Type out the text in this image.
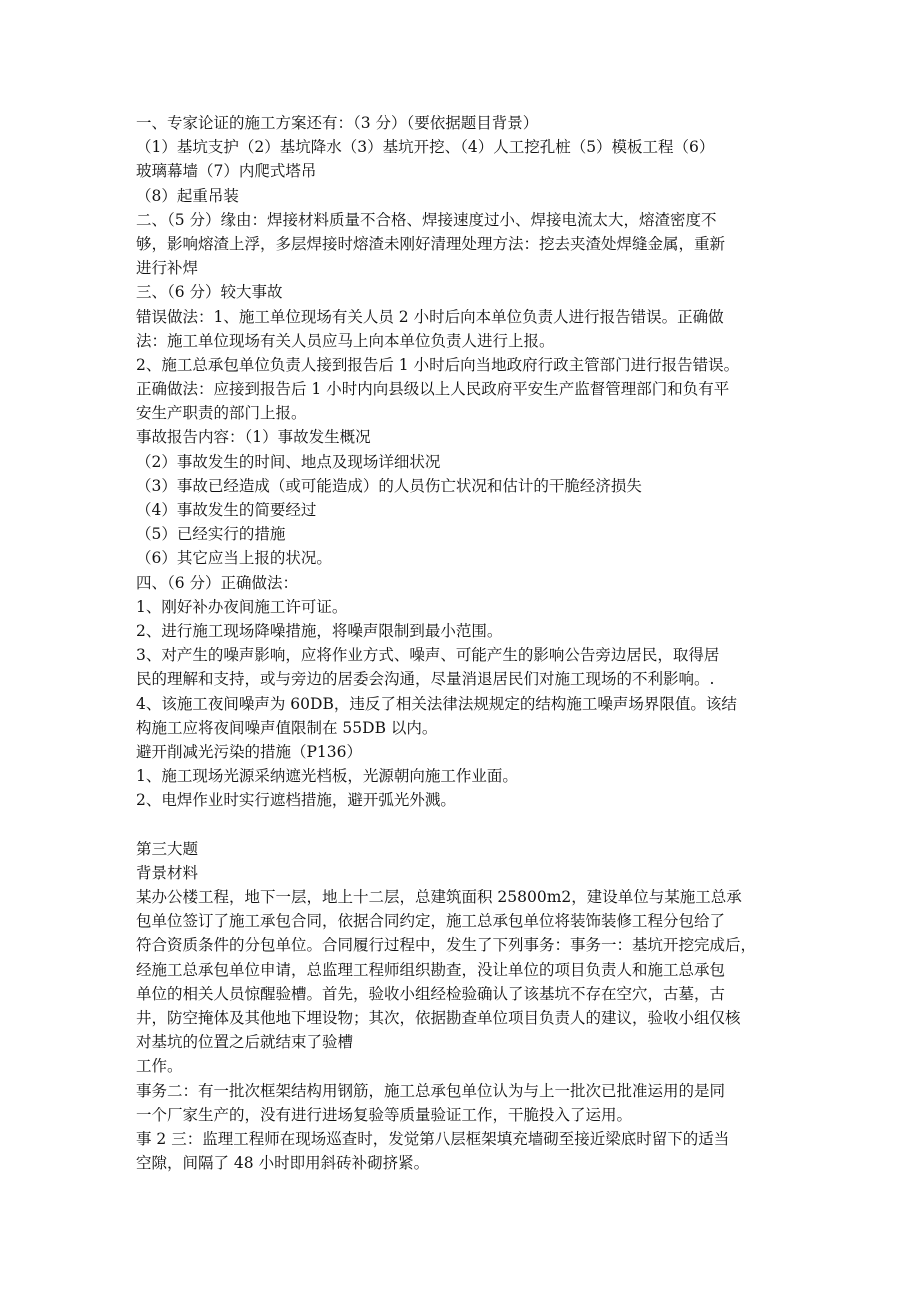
一、专家论证的施工方案还有：（3 分）（要依据题目背景）
（1）基坑支护（2）基坑降水（3）基坑开挖、（4）人工挖孔桩（5）模板工程（6）
玻璃幕墙（7）内爬式塔吊
（8）起重吊装
二、（5 分）缘由：焊接材料质量不合格、焊接速度过小、焊接电流太大，熔渣密度不
够，影响熔渣上浮，多层焊接时熔渣未刚好清理处理方法：挖去夹渣处焊缝金属，重新
进行补焊
三、（6 分）较大事故
错误做法：1、施工单位现场有关人员 2 小时后向本单位负责人进行报告错误。正确做
法：施工单位现场有关人员应马上向本单位负责人进行上报。
2、施工总承包单位负责人接到报告后 1 小时后向当地政府行政主管部门进行报告错误。
正确做法：应接到报告后 1 小时内向县级以上人民政府平安生产监督管理部门和负有平
安生产职责的部门上报。
事故报告内容：（1）事故发生概况
（2）事故发生的时间、地点及现场详细状况
（3）事故已经造成（或可能造成）的人员伤亡状况和估计的干脆经济损失
（4）事故发生的简要经过
（5）已经实行的措施
（6）其它应当上报的状况。
四、（6 分）正确做法：
1、刚好补办夜间施工许可证。
2、进行施工现场降噪措施，将噪声限制到最小范围。
3、对产生的噪声影响，应将作业方式、噪声、可能产生的影响公告旁边居民，取得居
民的理解和支持，或与旁边的居委会沟通，尽量消退居民们对施工现场的不利影响。.
4、该施工夜间噪声为 60DB，违反了相关法律法规规定的结构施工噪声场界限值。该结
构施工应将夜间噪声值限制在 55DB 以内。
避开削减光污染的措施（P136）
1、施工现场光源采纳遮光档板，光源朝向施工作业面。
2、电焊作业时实行遮档措施，避开弧光外溅。
第三大题
背景材料
某办公楼工程，地下一层，地上十二层，总建筑面积 25800m2，建设单位与某施工总承
包单位签订了施工承包合同，依据合同约定，施工总承包单位将装饰装修工程分包给了
符合资质条件的分包单位。合同履行过程中，发生了下列事务：事务一：基坑开挖完成后，
经施工总承包单位申请，总监理工程师组织勘查，没让单位的项目负责人和施工总承包
单位的相关人员惊醒验槽。首先，验收小组经检验确认了该基坑不存在空穴，古墓，古
井，防空掩体及其他地下埋设物；其次，依据勘查单位项目负责人的建议，验收小组仅核
对基坑的位置之后就结束了验槽
工作。
事务二：有一批次框架结构用钢筋，施工总承包单位认为与上一批次已批准运用的是同
一个厂家生产的，没有进行进场复验等质量验证工作，干脆投入了运用。
事 2 三：监理工程师在现场巡查时，发觉第八层框架填充墙砌至接近梁底时留下的适当
空隙，间隔了 48 小时即用斜砖补砌挤紧。
